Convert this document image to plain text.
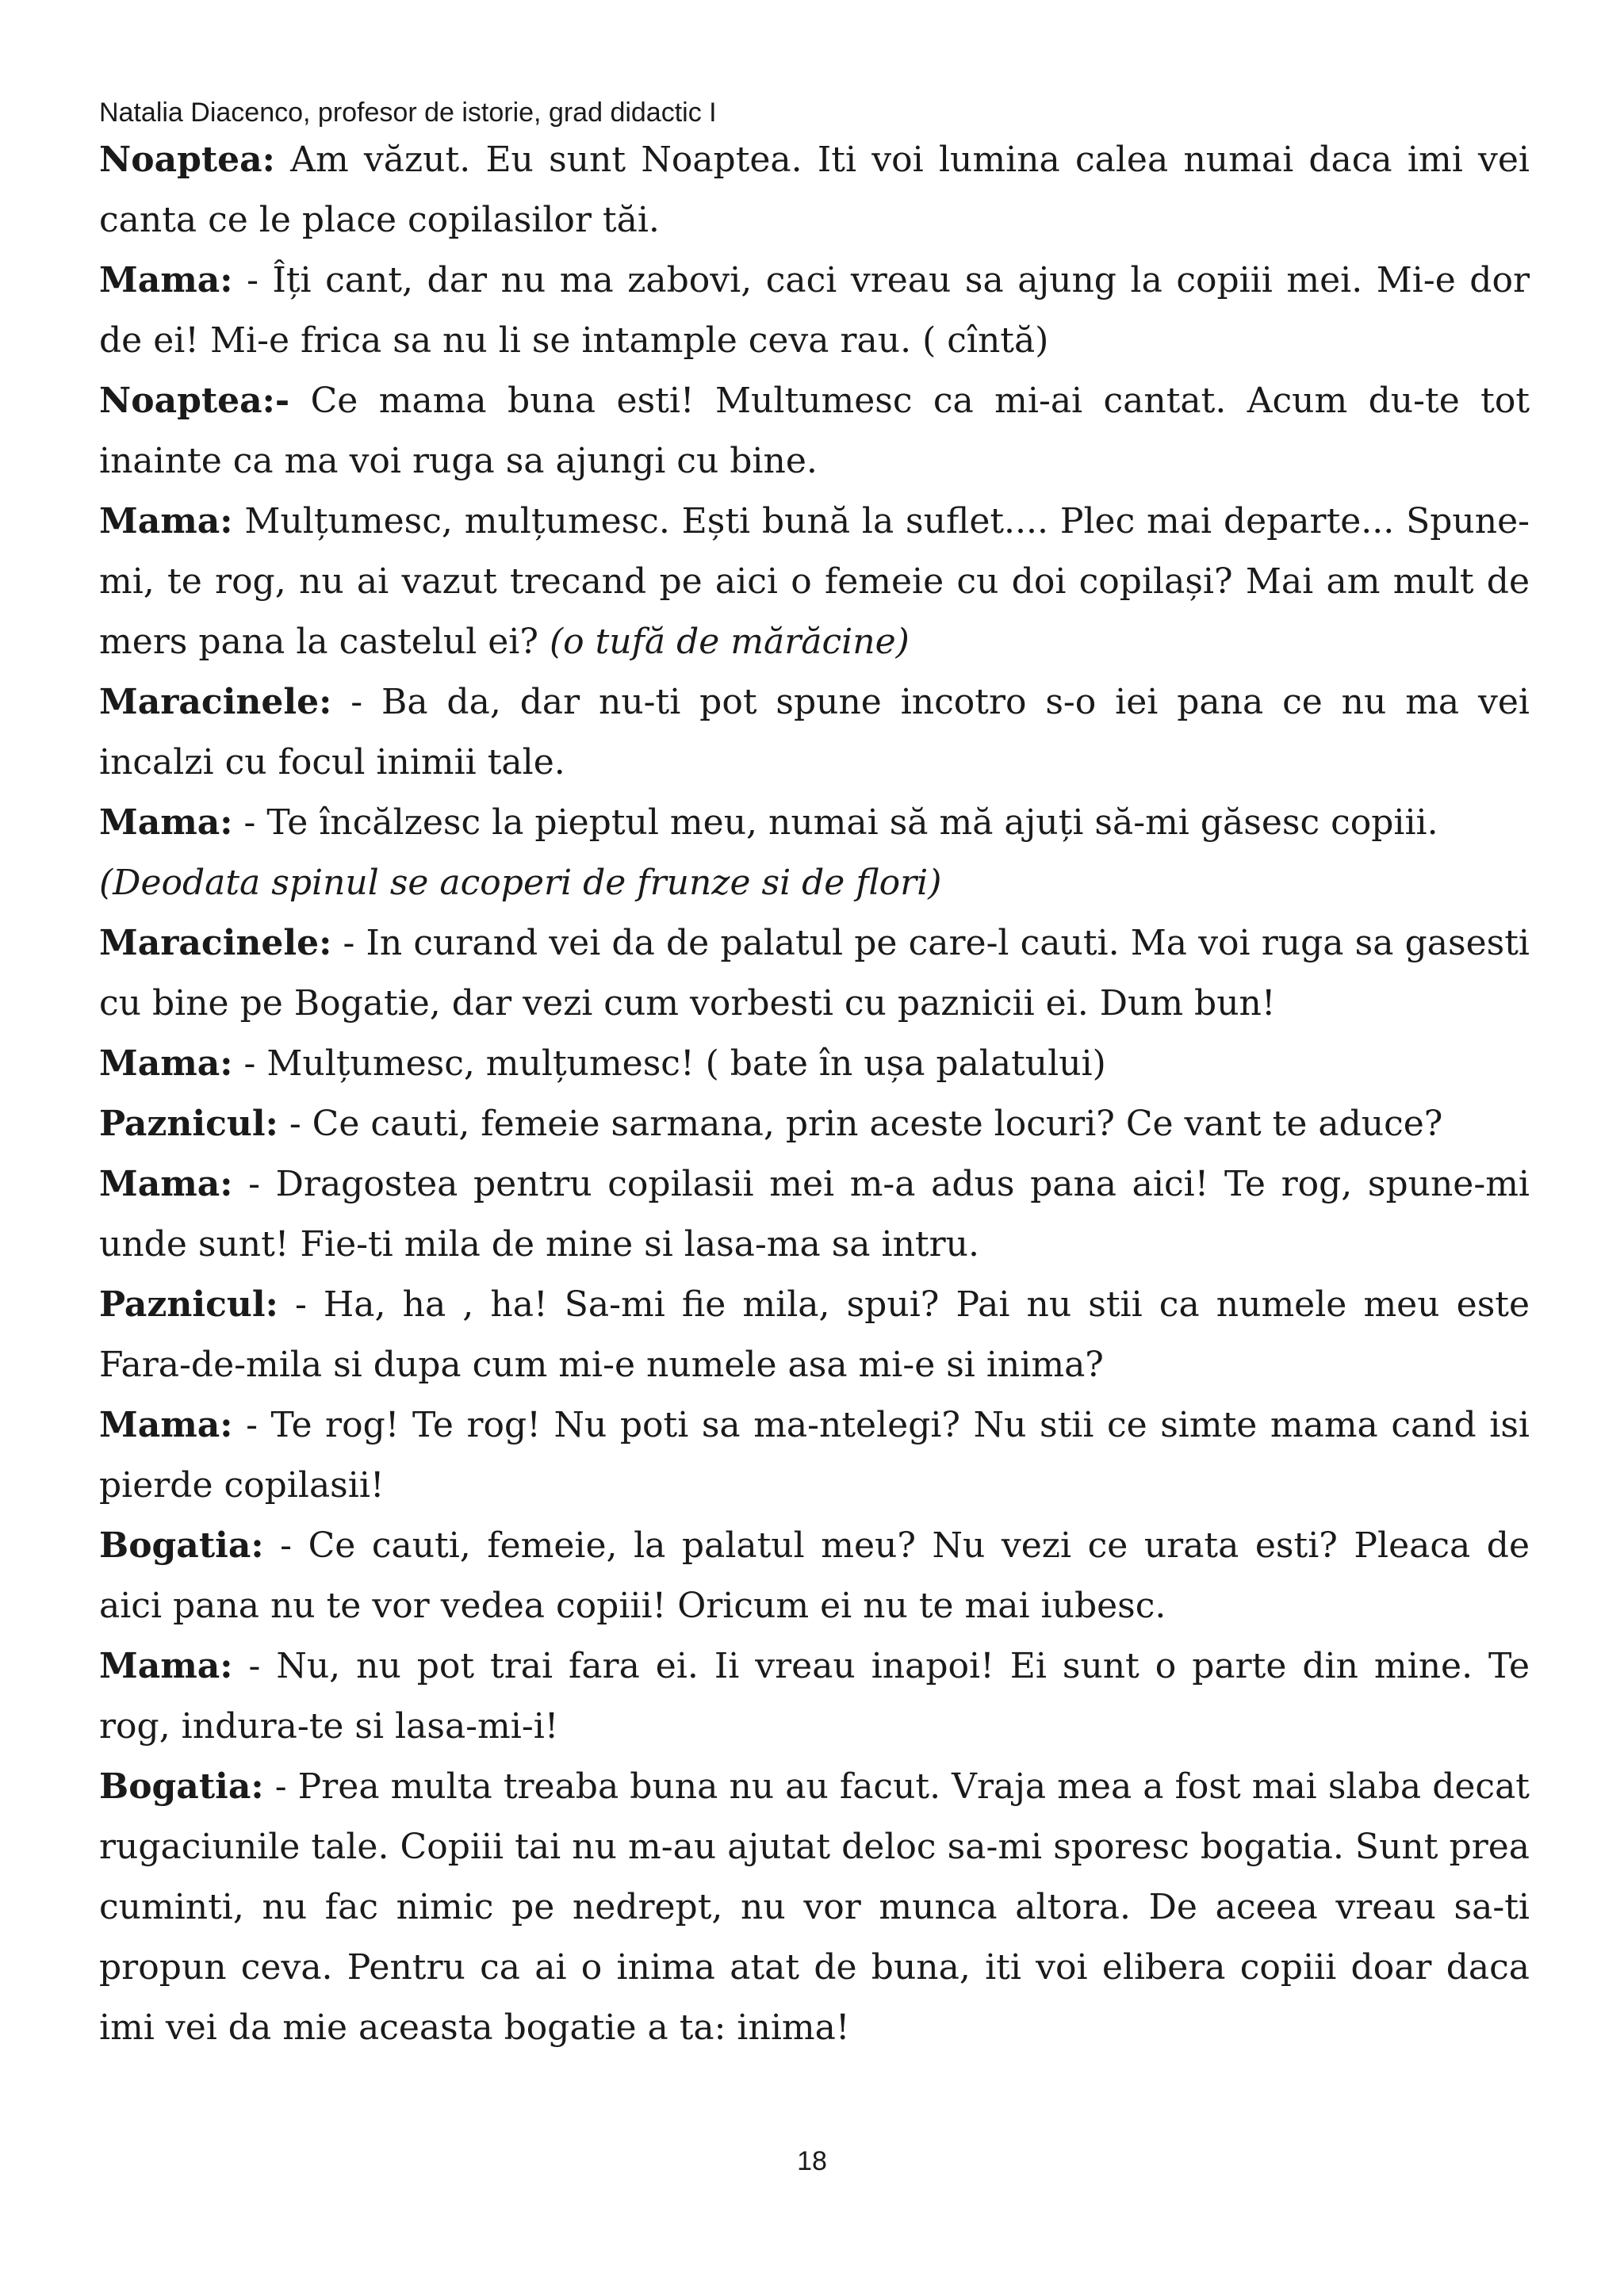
Natalia Diacenco, profesor de istorie, grad didactic I

Noaptea: Am văzut. Eu sunt Noaptea. Iti voi lumina calea numai daca imi vei canta ce le place copilasilor tăi.

Mama: - Îți cant, dar nu ma zabovi, caci vreau sa ajung la copiii mei. Mi-e dor de ei! Mi-e frica sa nu li se intample ceva rau. ( cîntă)

Noaptea:- Ce mama buna esti! Multumesc ca mi-ai cantat. Acum du-te tot inainte ca ma voi ruga sa ajungi cu bine.

Mama: Mulțumesc, mulțumesc. Ești bună la suflet.... Plec mai departe... Spune-mi, te rog, nu ai vazut trecand pe aici o femeie cu doi copilași? Mai am mult de mers pana la castelul ei? (o tufă de mărăcine)

Maracinele: - Ba da, dar nu-ti pot spune incotro s-o iei pana ce nu ma vei incalzi cu focul inimii tale.

Mama: - Te încălzesc la pieptul meu, numai să mă ajuți să-mi găsesc copiii.

(Deodata spinul se acoperi de frunze si de flori)

Maracinele: - In curand vei da de palatul pe care-l cauti. Ma voi ruga sa gasesti cu bine pe Bogatie, dar vezi cum vorbesti cu paznicii ei. Dum bun!

Mama: - Mulțumesc, mulțumesc! ( bate în ușa palatului)

Paznicul: - Ce cauti, femeie sarmana, prin aceste locuri? Ce vant te aduce?

Mama: - Dragostea pentru copilasii mei m-a adus pana aici! Te rog, spune-mi unde sunt! Fie-ti mila de mine si lasa-ma sa intru.

Paznicul: - Ha, ha , ha! Sa-mi fie mila, spui? Pai nu stii ca numele meu este Fara-de-mila si dupa cum mi-e numele asa mi-e si inima?

Mama: - Te rog! Te rog! Nu poti sa ma-ntelegi? Nu stii ce simte mama cand isi pierde copilasii!

Bogatia: - Ce cauti, femeie, la palatul meu? Nu vezi ce urata esti? Pleaca de aici pana nu te vor vedea copiii! Oricum ei nu te mai iubesc.

Mama: - Nu, nu pot trai fara ei. Ii vreau inapoi! Ei sunt o parte din mine. Te rog, indura-te si lasa-mi-i!

Bogatia: - Prea multa treaba buna nu au facut. Vraja mea a fost mai slaba decat rugaciunile tale. Copiii tai nu m-au ajutat deloc sa-mi sporesc bogatia. Sunt prea cuminti, nu fac nimic pe nedrept, nu vor munca altora. De aceea vreau sa-ti propun ceva. Pentru ca ai o inima atat de buna, iti voi elibera copiii doar daca imi vei da mie aceasta bogatie a ta: inima!

18
